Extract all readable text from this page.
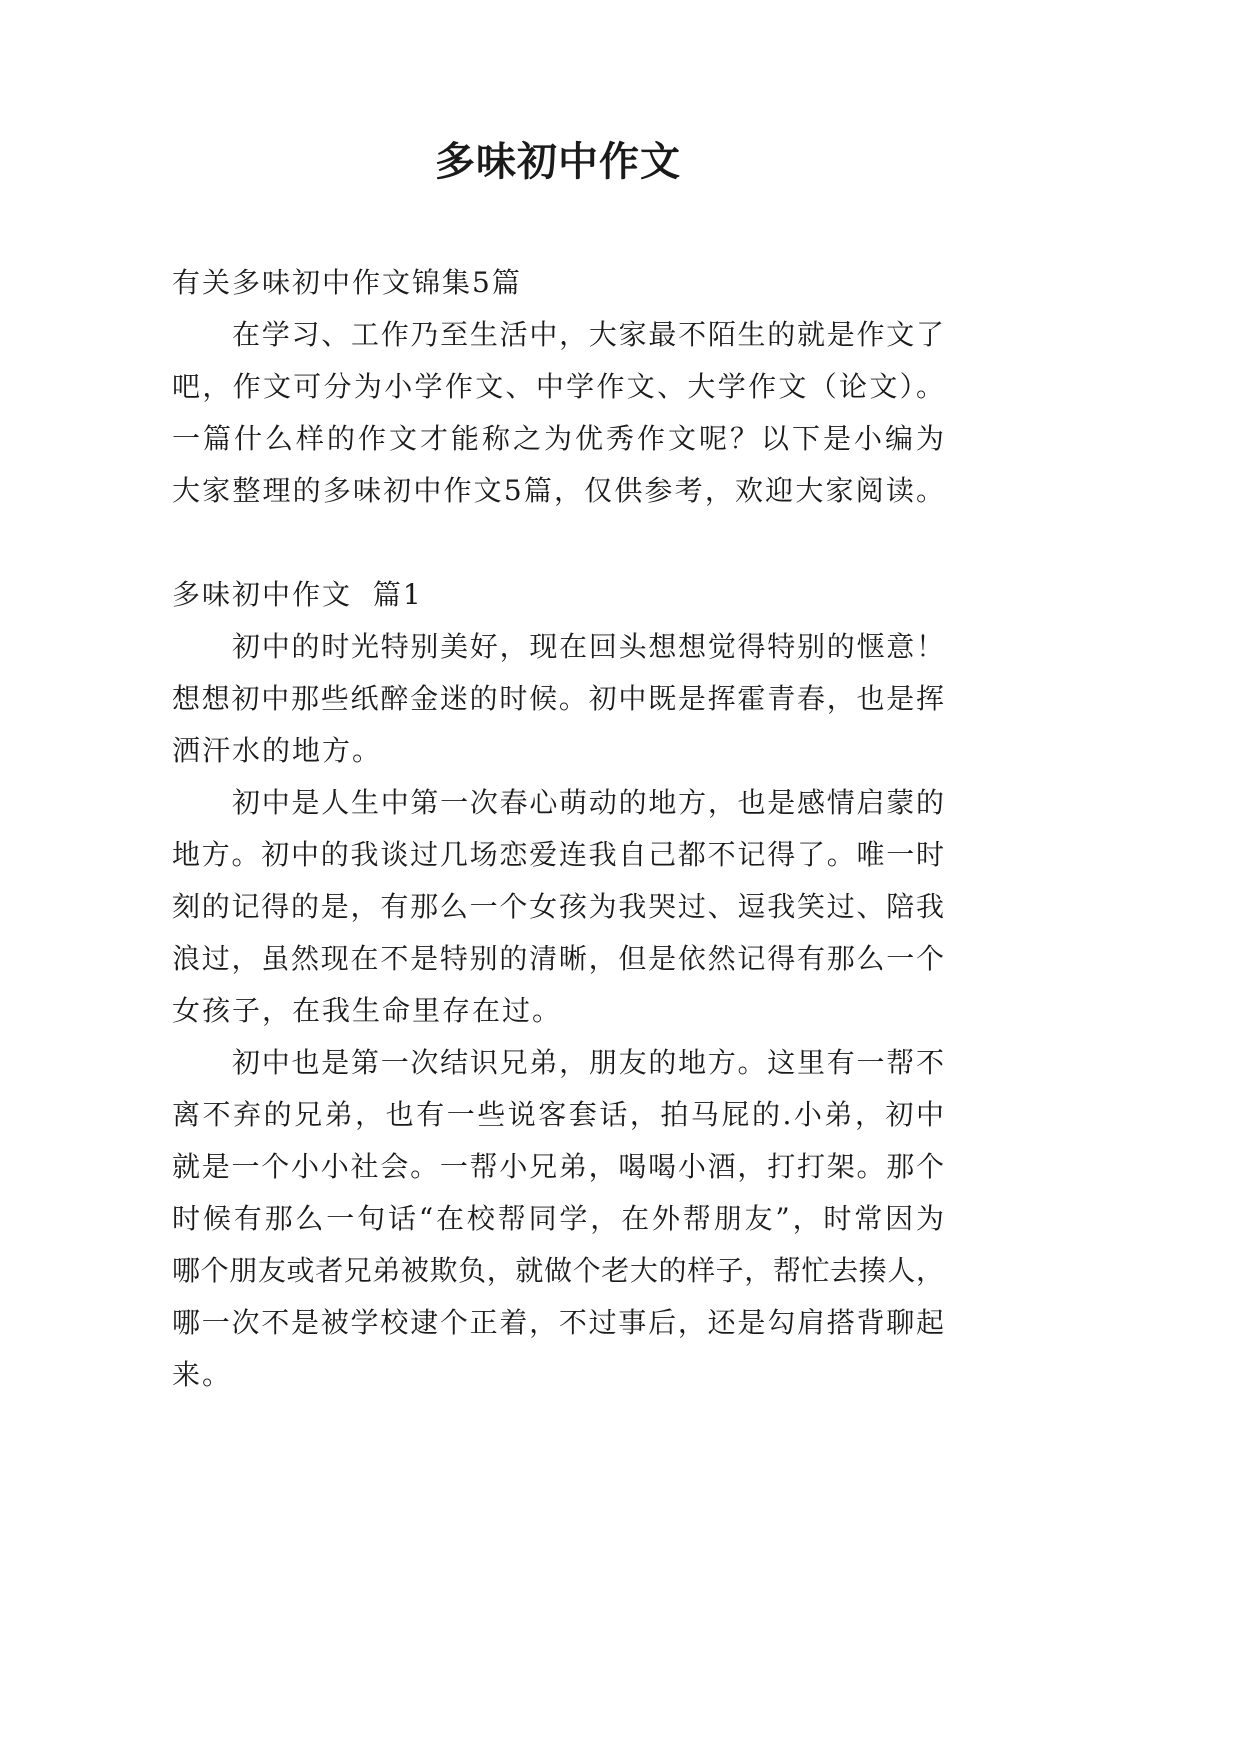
多味初中作文
有关多味初中作文锦集5篇
在学习、工作乃至生活中，大家最不陌生的就是作文了
吧，作文可分为小学作文、中学作文、大学作文（论文）。
一篇什么样的作文才能称之为优秀作文呢？以下是小编为
大家整理的多味初中作文5篇，仅供参考，欢迎大家阅读。
多味初中作文 篇1
初中的时光特别美好，现在回头想想觉得特别的惬意！
想想初中那些纸醉金迷的时候。初中既是挥霍青春，也是挥
洒汗水的地方。
初中是人生中第一次春心萌动的地方，也是感情启蒙的
地方。初中的我谈过几场恋爱连我自己都不记得了。唯一时
刻的记得的是，有那么一个女孩为我哭过、逗我笑过、陪我
浪过，虽然现在不是特别的清晰，但是依然记得有那么一个
女孩子，在我生命里存在过。
初中也是第一次结识兄弟，朋友的地方。这里有一帮不
离不弃的兄弟，也有一些说客套话，拍马屁的.小弟，初中
就是一个小小社会。一帮小兄弟，喝喝小酒，打打架。那个
时候有那么一句话“在校帮同学，在外帮朋友”，时常因为
哪个朋友或者兄弟被欺负，就做个老大的样子，帮忙去揍人，
哪一次不是被学校逮个正着，不过事后，还是勾肩搭背聊起
来。
